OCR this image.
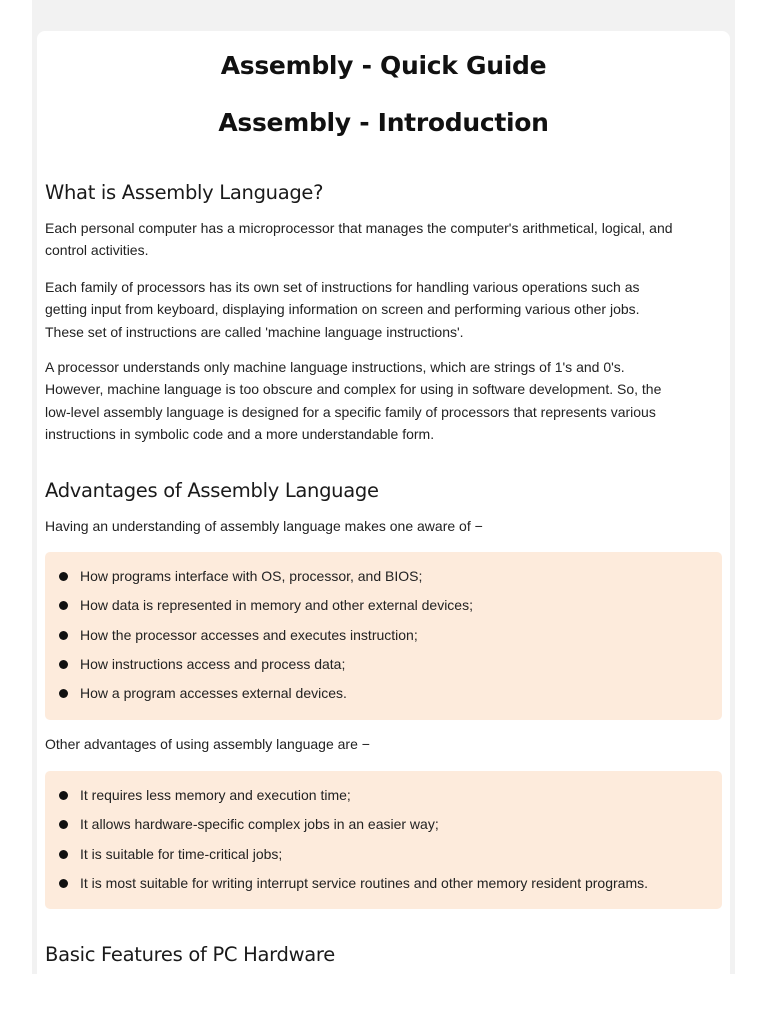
Assembly - Quick Guide
Assembly - Introduction
What is Assembly Language?

Each personal computer has a microprocessor that manages the computer's arithmetical, logical, and control activities.

Each family of processors has its own set of instructions for handling various operations such as getting input from keyboard, displaying information on screen and performing various other jobs. These set of instructions are called 'machine language instructions'.

A processor understands only machine language instructions, which are strings of 1's and 0's. However, machine language is too obscure and complex for using in software development. So, the low-level assembly language is designed for a specific family of processors that represents various instructions in symbolic code and a more understandable form.

Advantages of Assembly Language

Having an understanding of assembly language makes one aware of −

How programs interface with OS, processor, and BIOS;
How data is represented in memory and other external devices;
How the processor accesses and executes instruction;
How instructions access and process data;
How a program accesses external devices.

Other advantages of using assembly language are −

It requires less memory and execution time;
It allows hardware-specific complex jobs in an easier way;
It is suitable for time-critical jobs;
It is most suitable for writing interrupt service routines and other memory resident programs.
Basic Features of PC Hardware
